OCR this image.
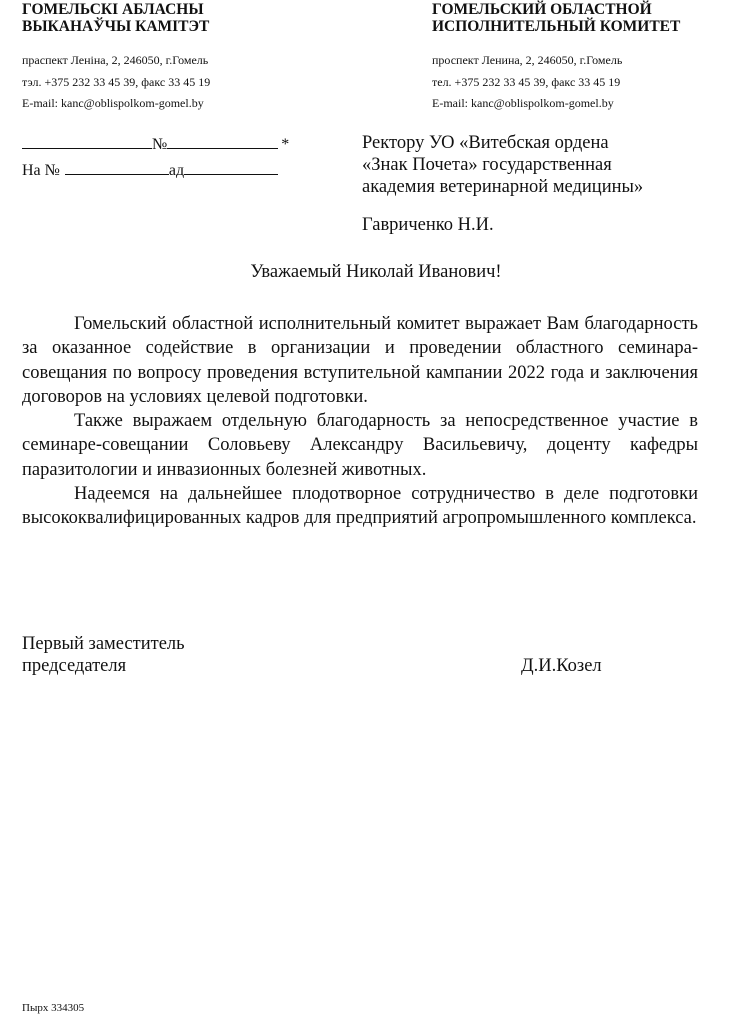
ГОМЕЛЬСКІ АБЛАСНЫ
ВЫКАНАЎЧЫ КАМІТЭТ
праспект Леніна, 2, 246050, г.Гомель
тэл. +375 232 33 45 39, факс 33 45 19
E-mail: kanc@oblispolkom-gomel.by
ГОМЕЛЬСКИЙ ОБЛАСТНОЙ
ИСПОЛНИТЕЛЬНЫЙ КОМИТЕТ
проспект Ленина, 2, 246050, г.Гомель
тел. +375 232 33 45 39, факс 33 45 19
E-mail: kanc@oblispolkom-gomel.by
№	*
На №	ад
Ректору УО «Витебская ордена
«Знак Почета» государственная
академия ветеринарной медицины»
Гавриченко Н.И.
Уважаемый Николай Иванович!

Гомельский областной исполнительный комитет выражает Вам благодарность за оказанное содействие в организации и проведении областного семинара-совещания по вопросу проведения вступительной кампании 2022 года и заключения договоров на условиях целевой подготовки.

Также выражаем отдельную благодарность за непосредственное участие в семинаре-совещании Соловьеву Александру Васильевичу, доценту кафедры паразитологии и инвазионных болезней животных.

Надеемся на дальнейшее плодотворное сотрудничество в деле подготовки высококвалифицированных кадров для предприятий агропромышленного комплекса.

Первый заместитель
председателя	Д.И.Козел
Пырх 334305
